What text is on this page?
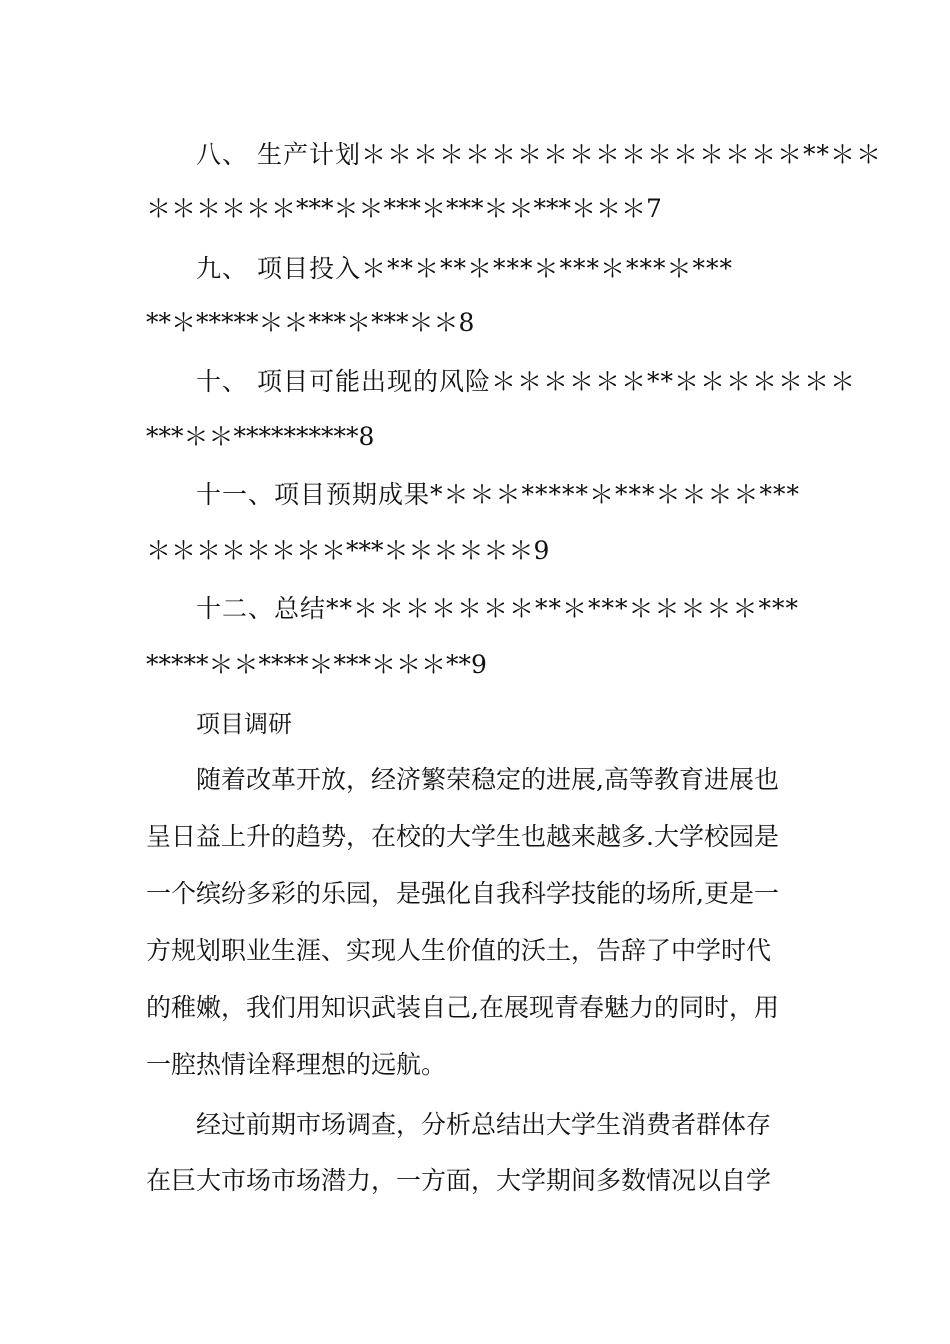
八、 生产计划＊＊＊＊＊＊＊＊＊＊＊＊＊＊＊＊＊**＊＊
＊＊＊＊＊＊***＊＊***＊***＊＊***＊＊＊7
九、 项目投入＊**＊**＊***＊***＊***＊***
**＊*****＊＊***＊***＊＊8
十、 项目可能出现的风险＊＊＊＊＊＊**＊＊＊＊＊＊＊
***＊＊**********8
十一、项目预期成果*＊＊＊*****＊***＊＊＊＊***
＊＊＊＊＊＊＊＊***＊＊＊＊＊＊9
十二、总结**＊＊＊＊＊＊＊**＊***＊＊＊＊＊***
*****＊＊****＊***＊＊＊**9
项目调研
随着改革开放，经济繁荣稳定的进展,高等教育进展也
呈日益上升的趋势，在校的大学生也越来越多.大学校园是
一个缤纷多彩的乐园，是强化自我科学技能的场所,更是一
方规划职业生涯、实现人生价值的沃土，告辞了中学时代
的稚嫩，我们用知识武装自己,在展现青春魅力的同时，用
一腔热情诠释理想的远航。
经过前期市场调查，分析总结出大学生消费者群体存
在巨大市场市场潜力，一方面，大学期间多数情况以自学
